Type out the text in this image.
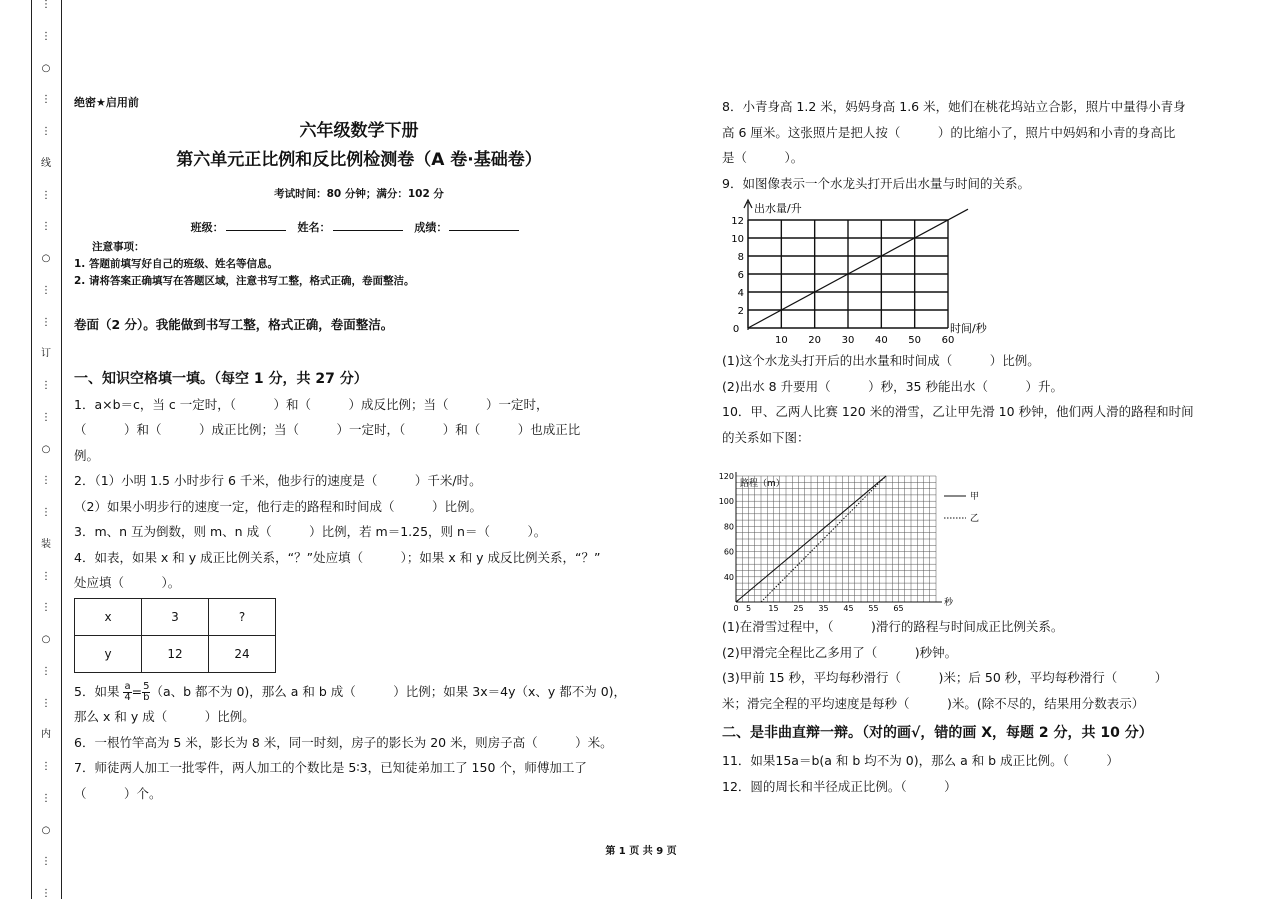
⋮
⋮
○
⋮
⋮
线
⋮
⋮
○
⋮
⋮
订
⋮
⋮
○
⋮
⋮
装
⋮
⋮
○
⋮
⋮
内
⋮
⋮
○
⋮
⋮
绝密★启用前
六年级数学下册
第六单元正比例和反比例检测卷（A 卷·基础卷）
考试时间：80 分钟；满分：102 分
班级：	姓名：	成绩：
注意事项：
1. 答题前填写好自己的班级、姓名等信息。
2. 请将答案正确填写在答题区域，注意书写工整，格式正确，卷面整洁。
卷面（2 分）。我能做到书写工整，格式正确，卷面整洁。
一、知识空格填一填。（每空 1 分，共 27 分）
1．a×b＝c，当 c 一定时，（　　　）和（　　　）成反比例；当（　　　）一定时，
（　　　）和（　　　）成正比例；当（　　　）一定时，（　　　）和（　　　）也成正比
例。
2．（1）小明 1.5 小时步行 6 千米，他步行的速度是（　　　）千米/时。
（2）如果小明步行的速度一定，他行走的路程和时间成（　　　）比例。
3．m、n 互为倒数，则 m、n 成（　　　）比例，若 m＝1.25，则 n＝（　　　）。
4．如表，如果 x 和 y 成正比例关系，“？”处应填（　　　）；如果 x 和 y 成反比例关系，“？”
处应填（　　　）。
x	3	?
y	12	24
5．如果 $\frac{a}{4} = \frac{5}{b} (a$、b 都不为 0)，那么 a 和 b 成（　　　）比例；如果 3x＝4y（x、y 都不为 0)，
那么 x 和 y 成（　　　）比例。
6．一根竹竿高为 5 米，影长为 8 米，同一时刻，房子的影长为 20 米，则房子高（　　　）米。
7．师徒两人加工一批零件，两人加工的个数比是 5∶3，已知徒弟加工了 150 个，师傅加工了
（　　　）个。
8．小青身高 1.2 米，妈妈身高 1.6 米，她们在桃花坞站立合影，照片中量得小青身
高 6 厘米。这张照片是把人按（　　　）的比缩小了，照片中妈妈和小青的身高比
是（　　　）。
9．如图像表示一个水龙头打开后出水量与时间的关系。
0
10 20 30 40 50 60
2
4
6
8
10
12
出水量/升
时间/秒
(1)这个水龙头打开后的出水量和时间成（　　　）比例。
(2)出水 8 升要用（　　　）秒，35 秒能出水（　　　）升。
10．甲、乙两人比赛 120 米的滑雪，乙让甲先滑 10 秒钟，他们两人滑的路程和时间
的关系如下图：
0 5 15 25 35 45 55 65
40
60
80
100
120
甲
乙
路程（m）
秒
(1)在滑雪过程中，（　　　)滑行的路程与时间成正比例关系。
(2)甲滑完全程比乙多用了（　　　)秒钟。
(3)甲前 15 秒，平均每秒滑行（　　　)米；后 50 秒，平均每秒滑行（　　　）
米；滑完全程的平均速度是每秒（　　　)米。(除不尽的，结果用分数表示）
二、是非曲直辩一辩。（对的画√，错的画 X，每题 2 分，共 10 分）
11．如果15a＝b(a 和 b 均不为 0)，那么 a 和 b 成正比例。（　　　）
12．圆的周长和半径成正比例。（　　　）
第 1 页 共 9 页
